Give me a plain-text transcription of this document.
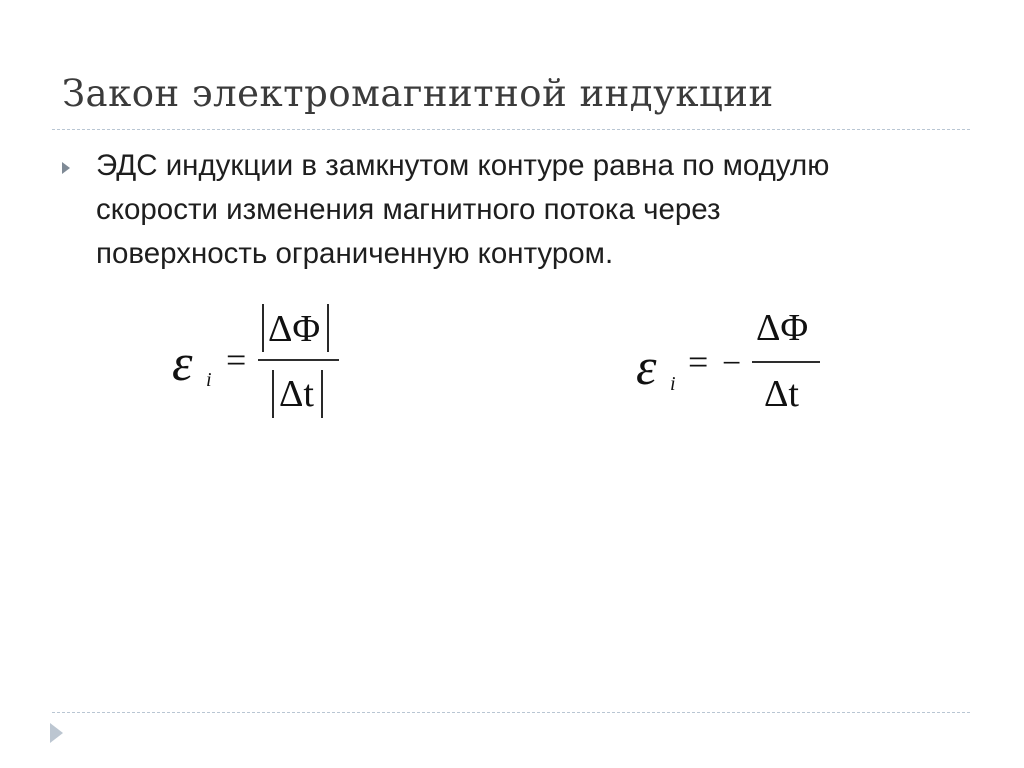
Закон электромагнитной индукции
ЭДС индукции в замкнутом контуре равна по модулю
скорости изменения магнитного потока через
поверхность ограниченную контуром.
ε i =
ΔΦ
Δt	ε i
= −
ΔΦ
Δt
